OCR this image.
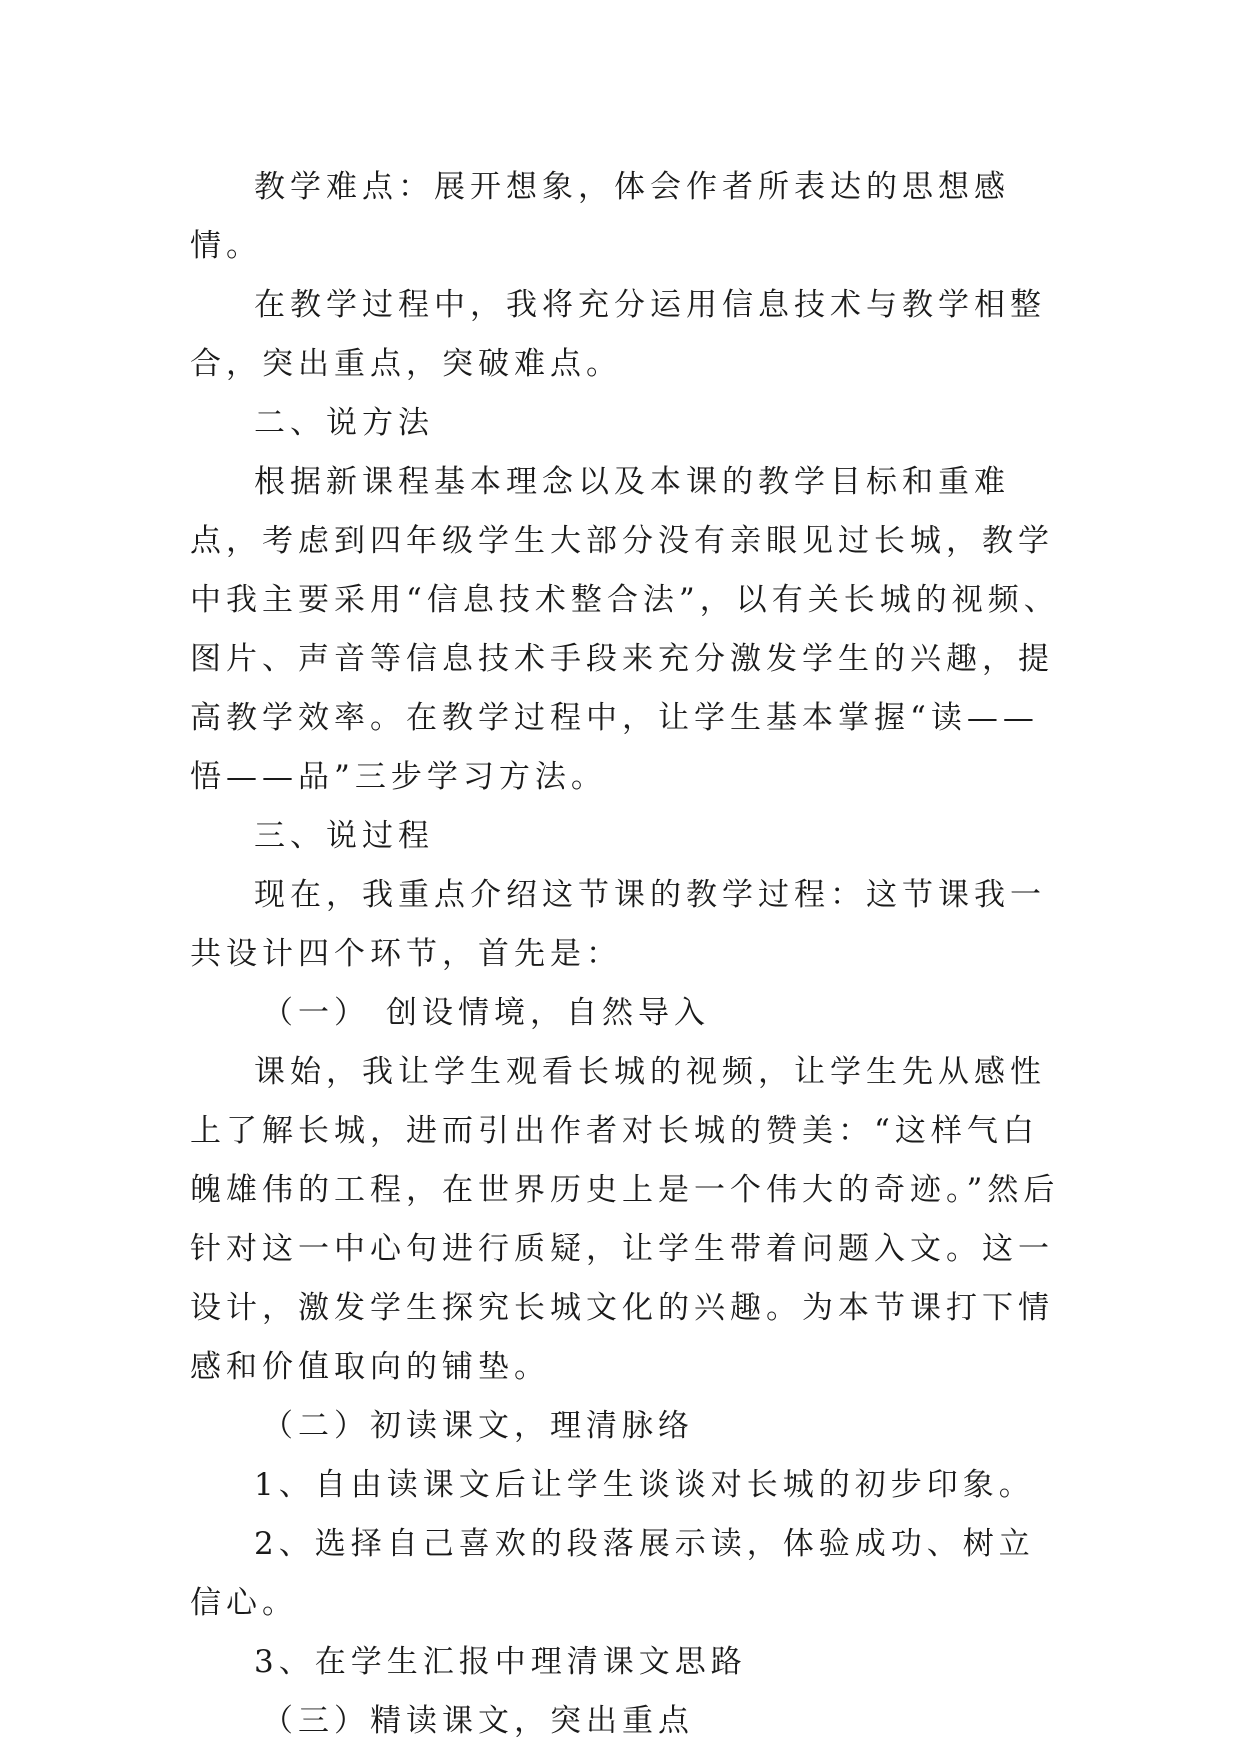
教学难点：展开想象，体会作者所表达的思想感情。

在教学过程中，我将充分运用信息技术与教学相整合，突出重点，突破难点。

二、说方法

根据新课程基本理念以及本课的教学目标和重难点，考虑到四年级学生大部分没有亲眼见过长城，教学中我主要采用“信息技术整合法”，以有关长城的视频、图片、声音等信息技术手段来充分激发学生的兴趣，提高教学效率。在教学过程中，让学生基本掌握“读——悟——品”三步学习方法。

三、说过程

现在，我重点介绍这节课的教学过程：这节课我一共设计四个环节，首先是：

（一） 创设情境，自然导入

课始，我让学生观看长城的视频，让学生先从感性上了解长城，进而引出作者对长城的赞美：“这样气白魄雄伟的工程，在世界历史上是一个伟大的奇迹。”然后针对这一中心句进行质疑，让学生带着问题入文。这一设计，激发学生探究长城文化的兴趣。为本节课打下情感和价值取向的铺垫。

（二）初读课文，理清脉络

1、自由读课文后让学生谈谈对长城的初步印象。

2、选择自己喜欢的段落展示读，体验成功、树立信心。

3、在学生汇报中理清课文思路

（三）精读课文，突出重点
